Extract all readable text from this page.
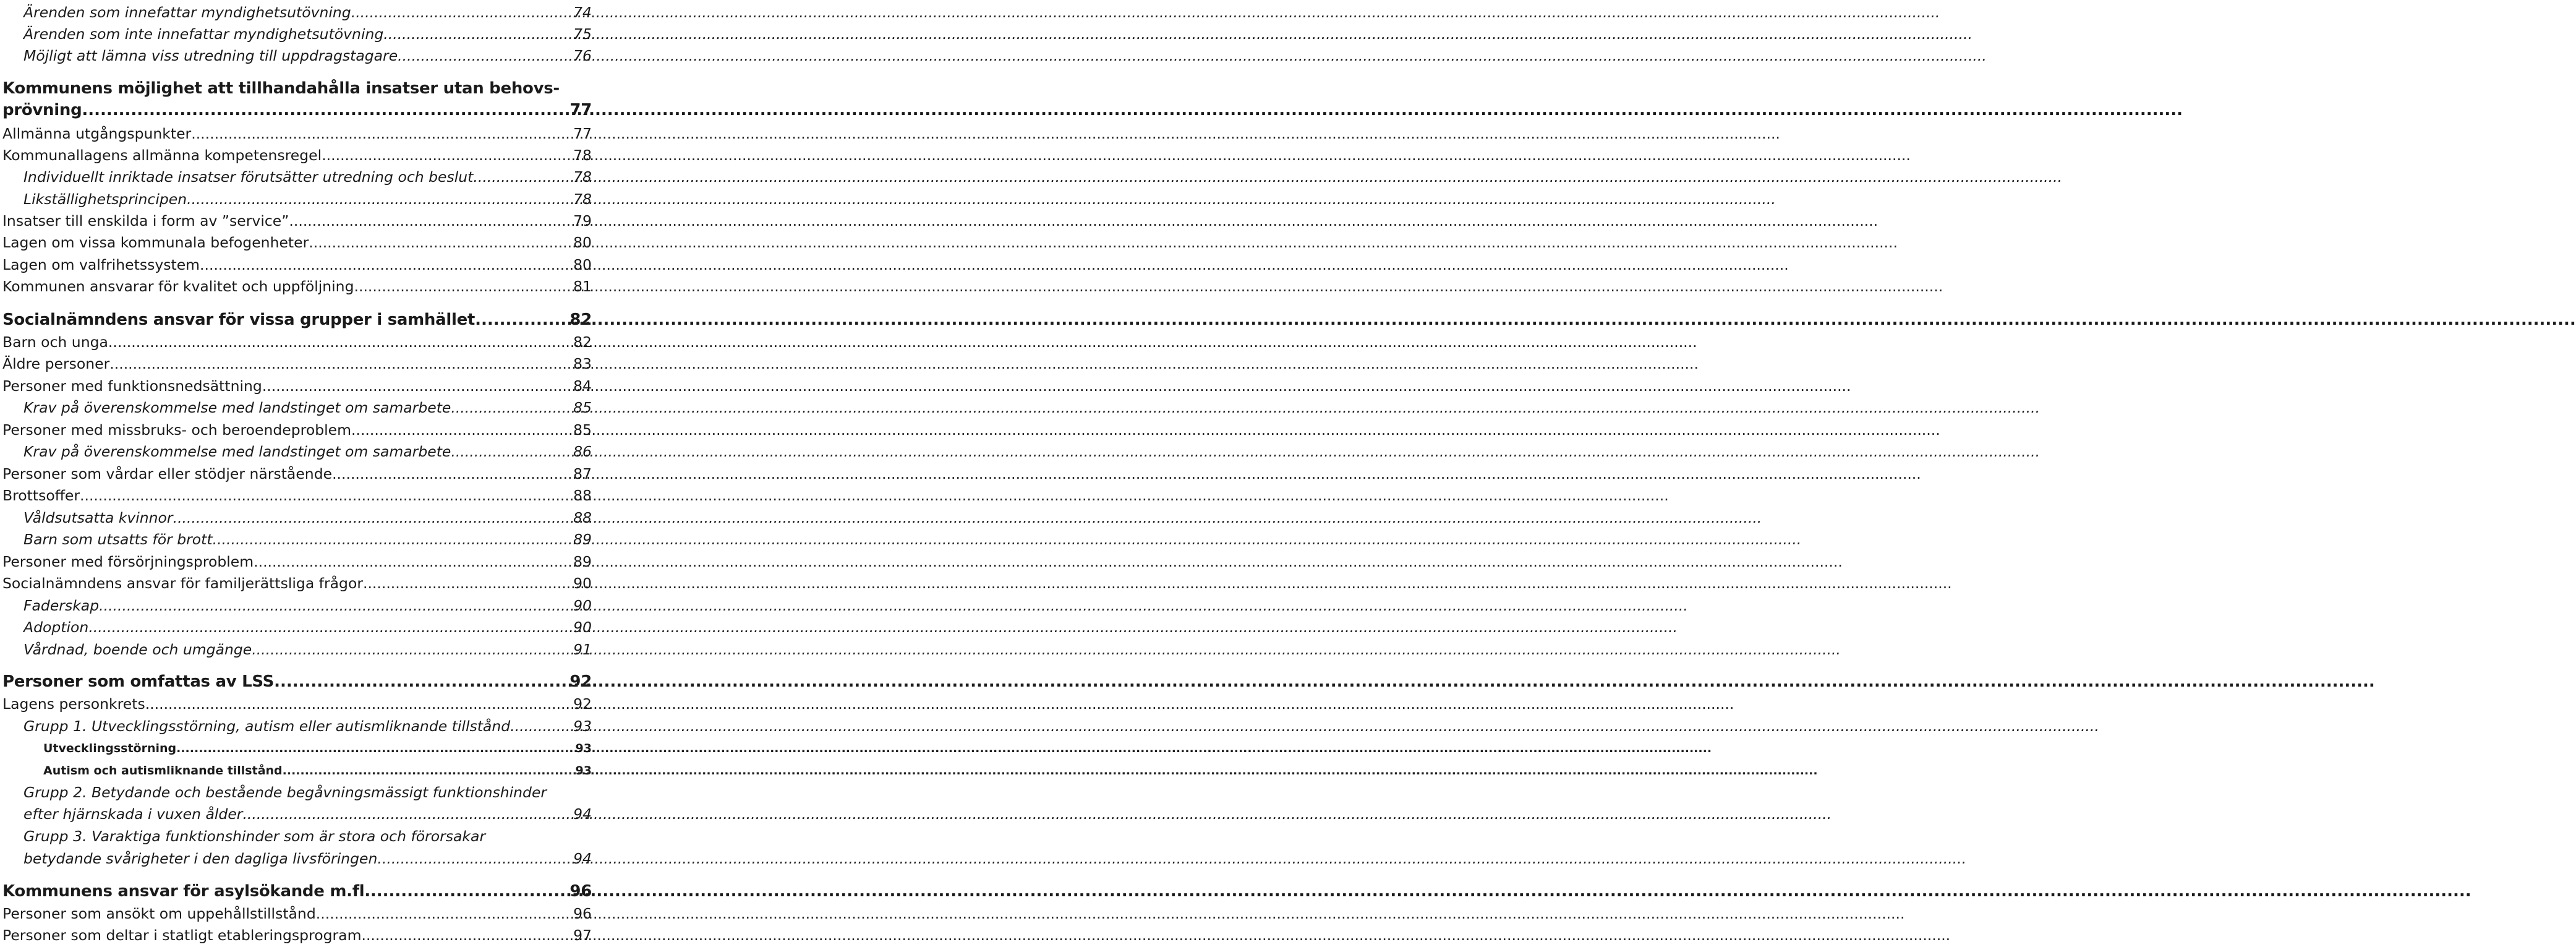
Ärenden som innefattar myndighetsutövning .....	74
Ärenden som inte innefattar myndighetsutövning .....	75
Möjligt att lämna viss utredning till uppdragstagare .....	76
Kommunens möjlighet att tillhandahålla insatser utan behovs-
prövning .....	77
Allmänna utgångspunkter .....	77
Kommunallagens allmänna kompetensregel .....	78
Individuellt inriktade insatser förutsätter utredning och beslut .....	78
Likställighetsprincipen .....	78
Insatser till enskilda i form av ”service” .....	79
Lagen om vissa kommunala befogenheter .....	80
Lagen om valfrihetssystem .....	80
Kommunen ansvarar för kvalitet och uppföljning .....	81
Socialnämndens ansvar för vissa grupper i samhället .....	82
Barn och unga .....	82
Äldre personer .....	83
Personer med funktionsnedsättning .....	84
Krav på överenskommelse med landstinget om samarbete .....	85
Personer med missbruks- och beroendeproblem .....	85
Krav på överenskommelse med landstinget om samarbete .....	86
Personer som vårdar eller stödjer närstående .....	87
Brottsoffer .....	88
Våldsutsatta kvinnor .....	88
Barn som utsatts för brott .....	89
Personer med försörjningsproblem .....	89
Socialnämndens ansvar för familjerättsliga frågor .....	90
Faderskap .....	90
Adoption .....	90
Vårdnad, boende och umgänge .....	91
Personer som omfattas av LSS .....	92
Lagens personkrets .....	92
Grupp 1. Utvecklingsstörning, autism eller autismliknande tillstånd .....	93
Utvecklingsstörning .....	93
Autism och autismliknande tillstånd .....	93
Grupp 2. Betydande och bestående begåvningsmässigt funktionshinder
efter hjärnskada i vuxen ålder .....	94
Grupp 3. Varaktiga funktionshinder som är stora och förorsakar
betydande svårigheter i den dagliga livsföringen .....	94
Kommunens ansvar för asylsökande m.fl. .....	96
Personer som ansökt om uppehållstillstånd .....	96
Personer som deltar i statligt etableringsprogram .....	97
